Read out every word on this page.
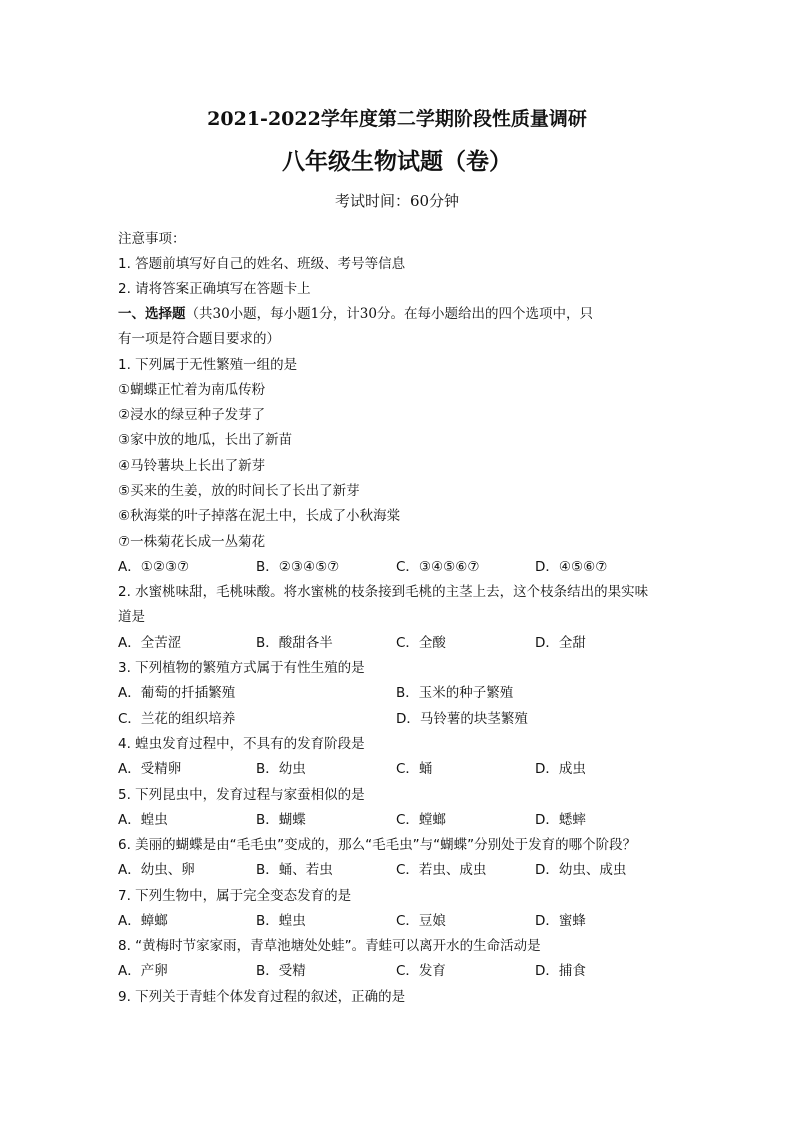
2021-2022学年度第二学期阶段性质量调研
八年级生物试题（卷）
考试时间：60分钟
注意事项：
1. 答题前填写好自己的姓名、班级、考号等信息
2. 请将答案正确填写在答题卡上
一、选择题（共30小题，每小题1分，计30分。在每小题给出的四个选项中，只
有一项是符合题目要求的）
1. 下列属于无性繁殖一组的是
①蝴蝶正忙着为南瓜传粉
②浸水的绿豆种子发芽了
③家中放的地瓜，长出了新苗
④马铃薯块上长出了新芽
⑤买来的生姜，放的时间长了长出了新芽
⑥秋海棠的叶子掉落在泥土中，长成了小秋海棠
⑦一株菊花长成一丛菊花
A．①②③⑦	B．②③④⑤⑦	C．③④⑤⑥⑦	D．④⑤⑥⑦
2. 水蜜桃味甜，毛桃味酸。将水蜜桃的枝条接到毛桃的主茎上去，这个枝条结出的果实味
道是
A．全苦涩	B．酸甜各半	C．全酸	D．全甜
3. 下列植物的繁殖方式属于有性生殖的是
A．葡萄的扦插繁殖	B．玉米的种子繁殖
C．兰花的组织培养	D．马铃薯的块茎繁殖
4. 蝗虫发育过程中，不具有的发育阶段是
A．受精卵	B．幼虫	C．蛹	D．成虫
5. 下列昆虫中，发育过程与家蚕相似的是
A．蝗虫	B．蝴蝶	C．螳螂	D．蟋蟀
6. 美丽的蝴蝶是由“毛毛虫”变成的，那么“毛毛虫”与“蝴蝶”分别处于发育的哪个阶段？
A．幼虫、卵	B．蛹、若虫	C．若虫、成虫	D．幼虫、成虫
7. 下列生物中，属于完全变态发育的是
A．蟑螂	B．蝗虫	C．豆娘	D．蜜蜂
8. “黄梅时节家家雨，青草池塘处处蛙”。青蛙可以离开水的生命活动是
A．产卵	B．受精	C．发育	D．捕食
9. 下列关于青蛙个体发育过程的叙述，正确的是
